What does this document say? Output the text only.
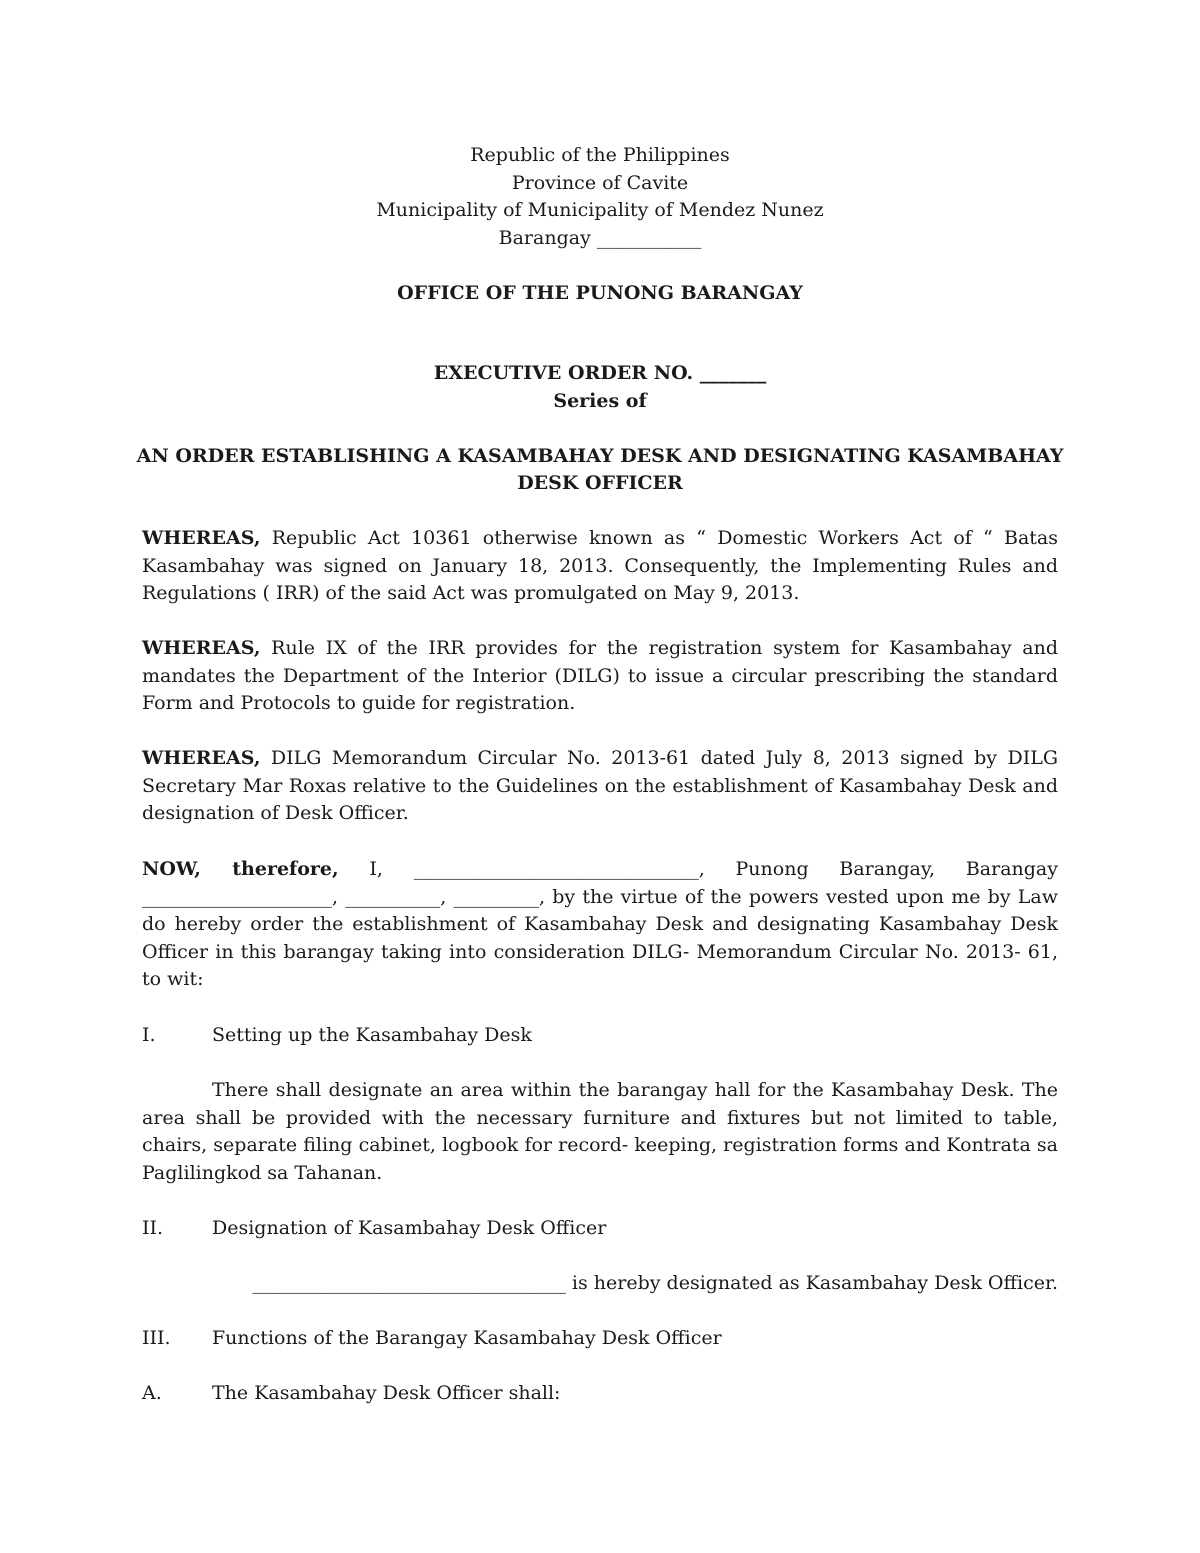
Republic of the Philippines
Province of Cavite
Municipality of Municipality of Mendez Nunez
Barangay ___________
OFFICE OF THE PUNONG BARANGAY
EXECUTIVE ORDER NO. _______
Series of
AN ORDER ESTABLISHING A KASAMBAHAY DESK AND DESIGNATING KASAMBAHAY
DESK OFFICER

WHEREAS, Republic Act 10361 otherwise known as “ Domestic Workers Act of “ Batas Kasambahay was signed on January 18, 2013. Consequently, the Implementing Rules and Regulations ( IRR) of the said Act was promulgated on May 9, 2013.

WHEREAS, Rule IX of the IRR provides for the registration system for Kasambahay and mandates the Department of the Interior (DILG) to issue a circular prescribing the standard Form and Protocols to guide for registration.

WHEREAS, DILG Memorandum Circular No. 2013-61 dated July 8, 2013 signed by DILG Secretary Mar Roxas relative to the Guidelines on the establishment of Kasambahay Desk and designation of Desk Officer.

NOW, therefore, I, ______________________________, Punong Barangay, Barangay ____________________, __________, _________, by the virtue of the powers vested upon me by Law do hereby order the establishment of Kasambahay Desk and designating Kasambahay Desk Officer in this barangay taking into consideration DILG- Memorandum Circular No. 2013- 61, to wit:

I.	Setting up the Kasambahay Desk

There shall designate an area within the barangay hall for the Kasambahay Desk. The area shall be provided with the necessary furniture and fixtures but not limited to table, chairs, separate filing cabinet, logbook for record- keeping, registration forms and Kontrata sa Paglilingkod sa Tahanan.

II.	Designation of Kasambahay Desk Officer
_________________________________ is hereby designated as Kasambahay Desk Officer.
III. Functions of the Barangay Kasambahay Desk Officer
A.	The Kasambahay Desk Officer shall:
